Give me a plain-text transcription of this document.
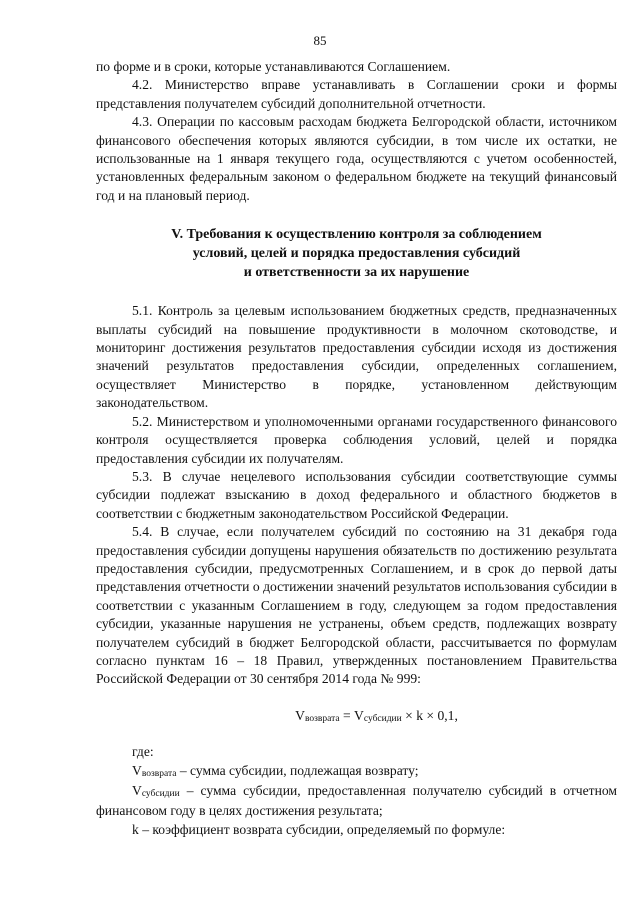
85

по форме и в сроки, которые устанавливаются Соглашением.

4.2. Министерство вправе устанавливать в Соглашении сроки и формы представления получателем субсидий дополнительной отчетности.

4.3. Операции по кассовым расходам бюджета Белгородской области, источником финансового обеспечения которых являются субсидии, в том числе их остатки, не использованные на 1 января текущего года, осуществляются с учетом особенностей, установленных федеральным законом о федеральном бюджете на текущий финансовый год и на плановый период.

V. Требования к осуществлению контроля за соблюдением
условий, целей и порядка предоставления субсидий
и ответственности за их нарушение

5.1. Контроль за целевым использованием бюджетных средств, предназначенных выплаты субсидий на повышение продуктивности в молочном скотоводстве, и мониторинг достижения результатов предоставления субсидии исходя из достижения значений результатов предоставления субсидии, определенных соглашением, осуществляет Министерство в порядке, установленном действующим законодательством.

5.2. Министерством и уполномоченными органами государственного финансового контроля осуществляется проверка соблюдения условий, целей и порядка предоставления субсидии их получателям.

5.3. В случае нецелевого использования субсидии соответствующие суммы субсидии подлежат взысканию в доход федерального и областного бюджетов в соответствии с бюджетным законодательством Российской Федерации.

5.4. В случае, если получателем субсидий по состоянию на 31 декабря года предоставления субсидии допущены нарушения обязательств по достижению результата предоставления субсидии, предусмотренных Соглашением, и в срок до первой даты представления отчетности о достижении значений результатов использования субсидии в соответствии с указанным Соглашением в году, следующем за годом предоставления субсидии, указанные нарушения не устранены, объем средств, подлежащих возврату получателем субсидий в бюджет Белгородской области, рассчитывается по формулам согласно пунктам 16 – 18 Правил, утвержденных постановлением Правительства Российской Федерации от 30 сентября 2014 года № 999:

$V_{возврата} = V_{субсидии} \times k \times 0,1$,

где:

$V_{возврата}$ – сумма субсидии, подлежащая возврату;

$V_{субсидии}$ – сумма субсидии, предоставленная получателю субсидий в отчетном финансовом году в целях достижения результата;

k – коэффициент возврата субсидии, определяемый по формуле:
